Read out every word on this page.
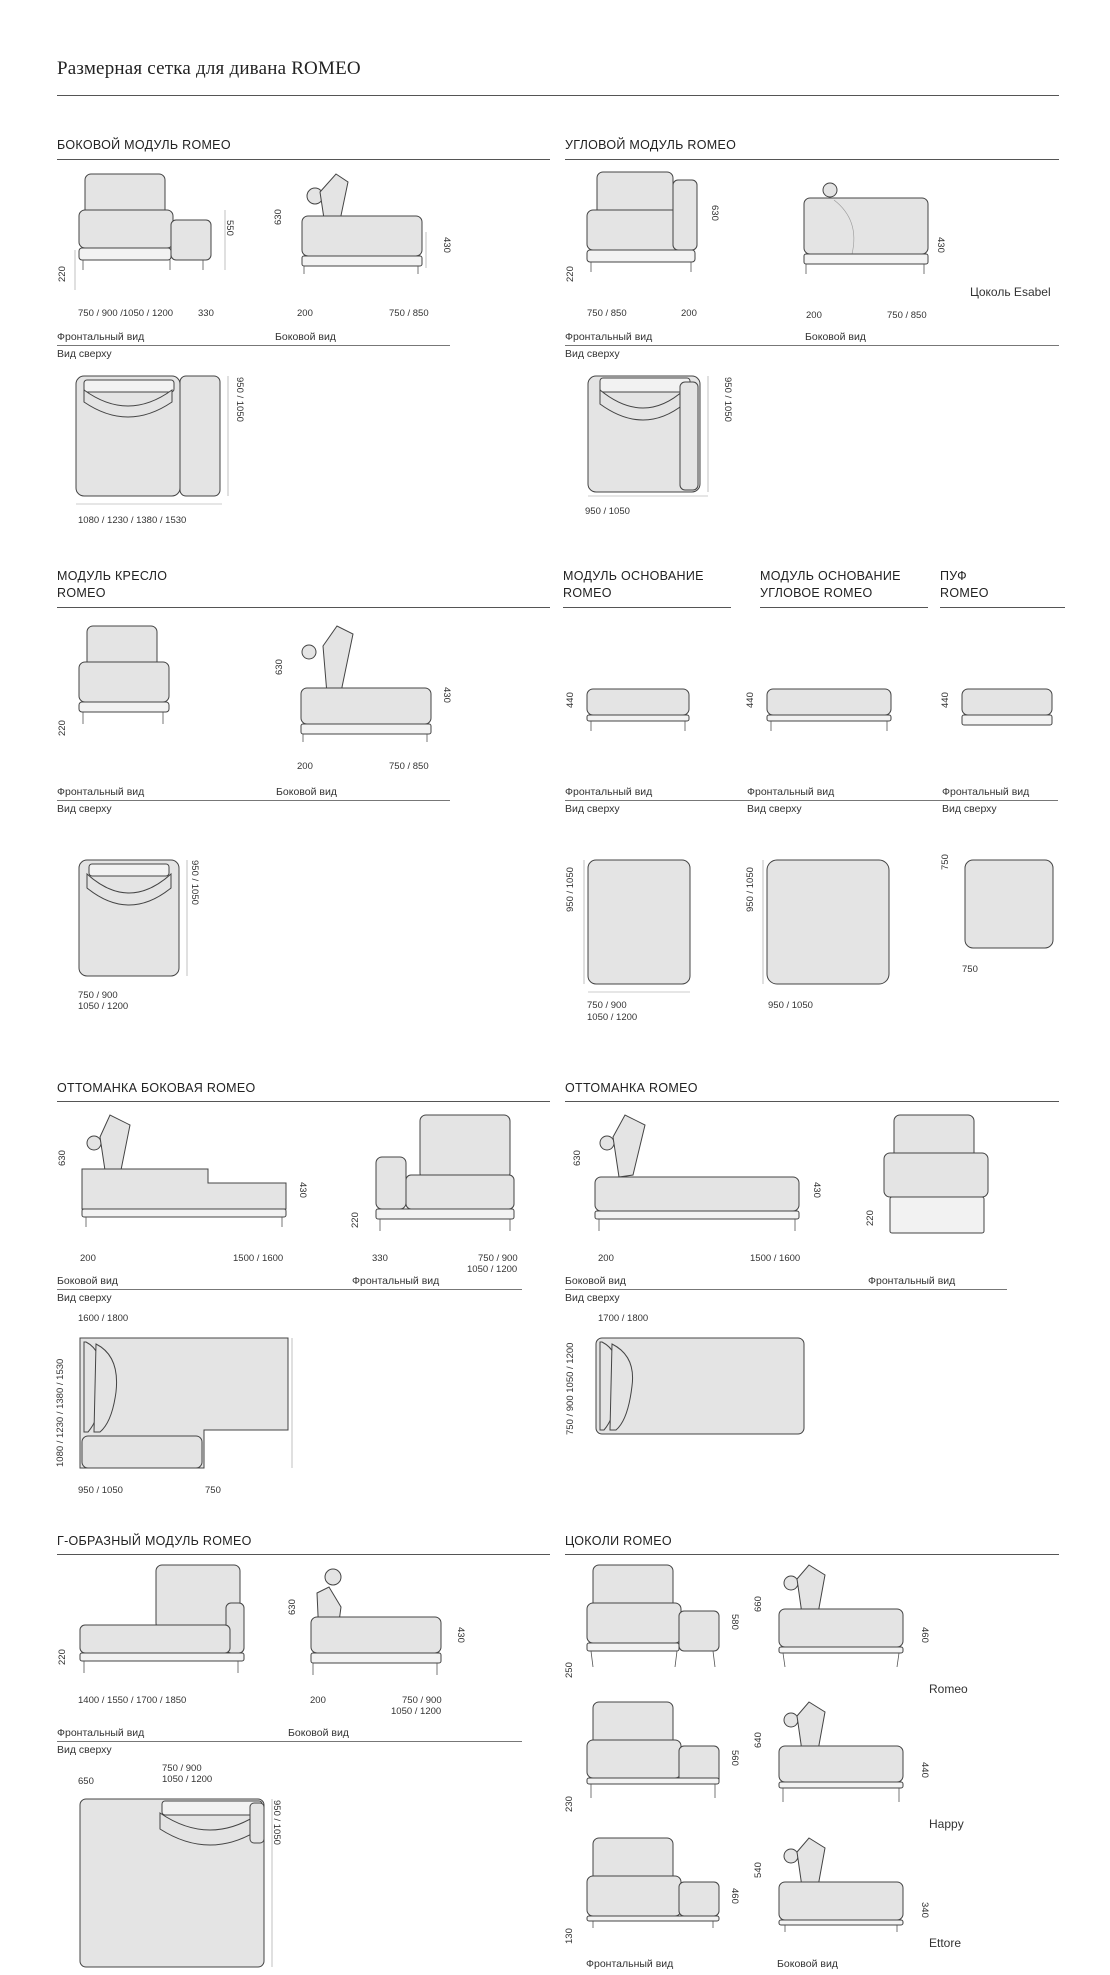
Размерная сетка для дивана ROMEO
БОКОВОЙ МОДУЛЬ ROMEO
220
550
750 / 900 /1050 / 1200	330
630
430
200	750 / 850
Фронтальный вид	Боковой вид
Вид сверху
950 / 1050
1080 / 1230 / 1380 / 1530
УГЛОВОЙ МОДУЛЬ ROMEO
220
630
750 / 850	200
430
200	750 / 850
Цоколь Esabel
Фронтальный вид	Боковой вид
Вид сверху
950 / 1050
950 / 1050
МОДУЛЬ КРЕСЛО
ROMEO
220
630
430
200	750 / 850
Фронтальный вид	Боковой вид
Вид сверху
950 / 1050
750 / 900
1050 / 1200
МОДУЛЬ ОСНОВАНИЕ
ROMEO
440
Фронтальный вид
Вид сверху
950 / 1050
750 / 900
1050 / 1200
МОДУЛЬ ОСНОВАНИЕ
УГЛОВОЕ ROMEO
440
Фронтальный вид
Вид сверху
950 / 1050
950 / 1050
ПУФ
ROMEO
440
Фронтальный вид
Вид сверху
750
750
ОТТОМАНКА БОКОВАЯ ROMEO
630
430
200	1500 / 1600
220
330	750 / 900
1050 / 1200
Боковой вид	Фронтальный вид
Вид сверху
1600 / 1800
1080 / 1230 / 1380 / 1530
950 / 1050	750
ОТТОМАНКА ROMEO
630
430
200	1500 / 1600
220
Боковой вид	Фронтальный вид
Вид сверху
1700 / 1800
750 / 900 1050 / 1200
Г-ОБРАЗНЫЙ МОДУЛЬ ROMEO
220
1400 / 1550 / 1700 / 1850
630
430
200	750 / 900
1050 / 1200
Фронтальный вид	Боковой вид
Вид сверху
650
750 / 900
1050 / 1200
950 / 1050
ЦОКОЛИ ROMEO
250
580
660
460
Romeo
230
560
640
440
Happy
130
460
540
340
Ettore
Фронтальный вид	Боковой вид
